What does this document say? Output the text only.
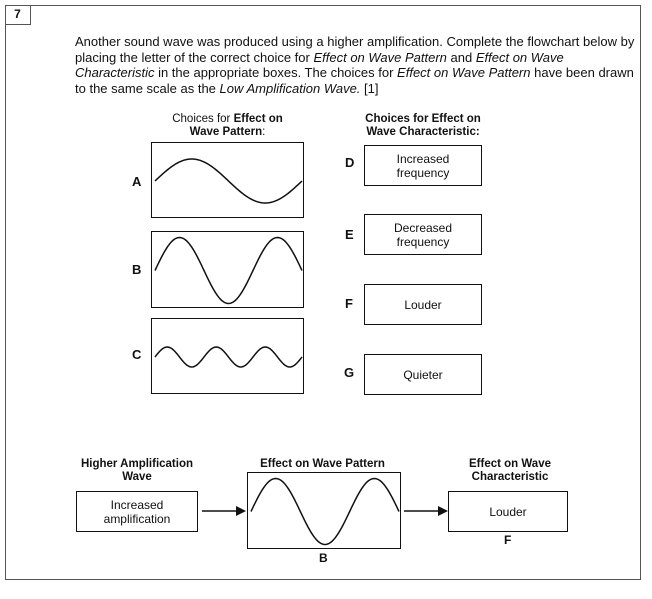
7
Another sound wave was produced using a higher amplification. Complete the flowchart below by placing the letter of the correct choice for Effect on Wave Pattern and Effect on Wave Characteristic in the appropriate boxes. The choices for Effect on Wave Pattern have been drawn to the same scale as the Low Amplification Wave. [1]
Choices for Effect on
Wave Pattern:
Choices for Effect on
Wave Characteristic:
A
B
C
D	Increased
frequency
E	Decreased
frequency
F	Louder
G	Quieter
Higher Amplification
Wave
Increased
amplification
Effect on Wave Pattern
B
Effect on Wave
Characteristic
Louder
F
